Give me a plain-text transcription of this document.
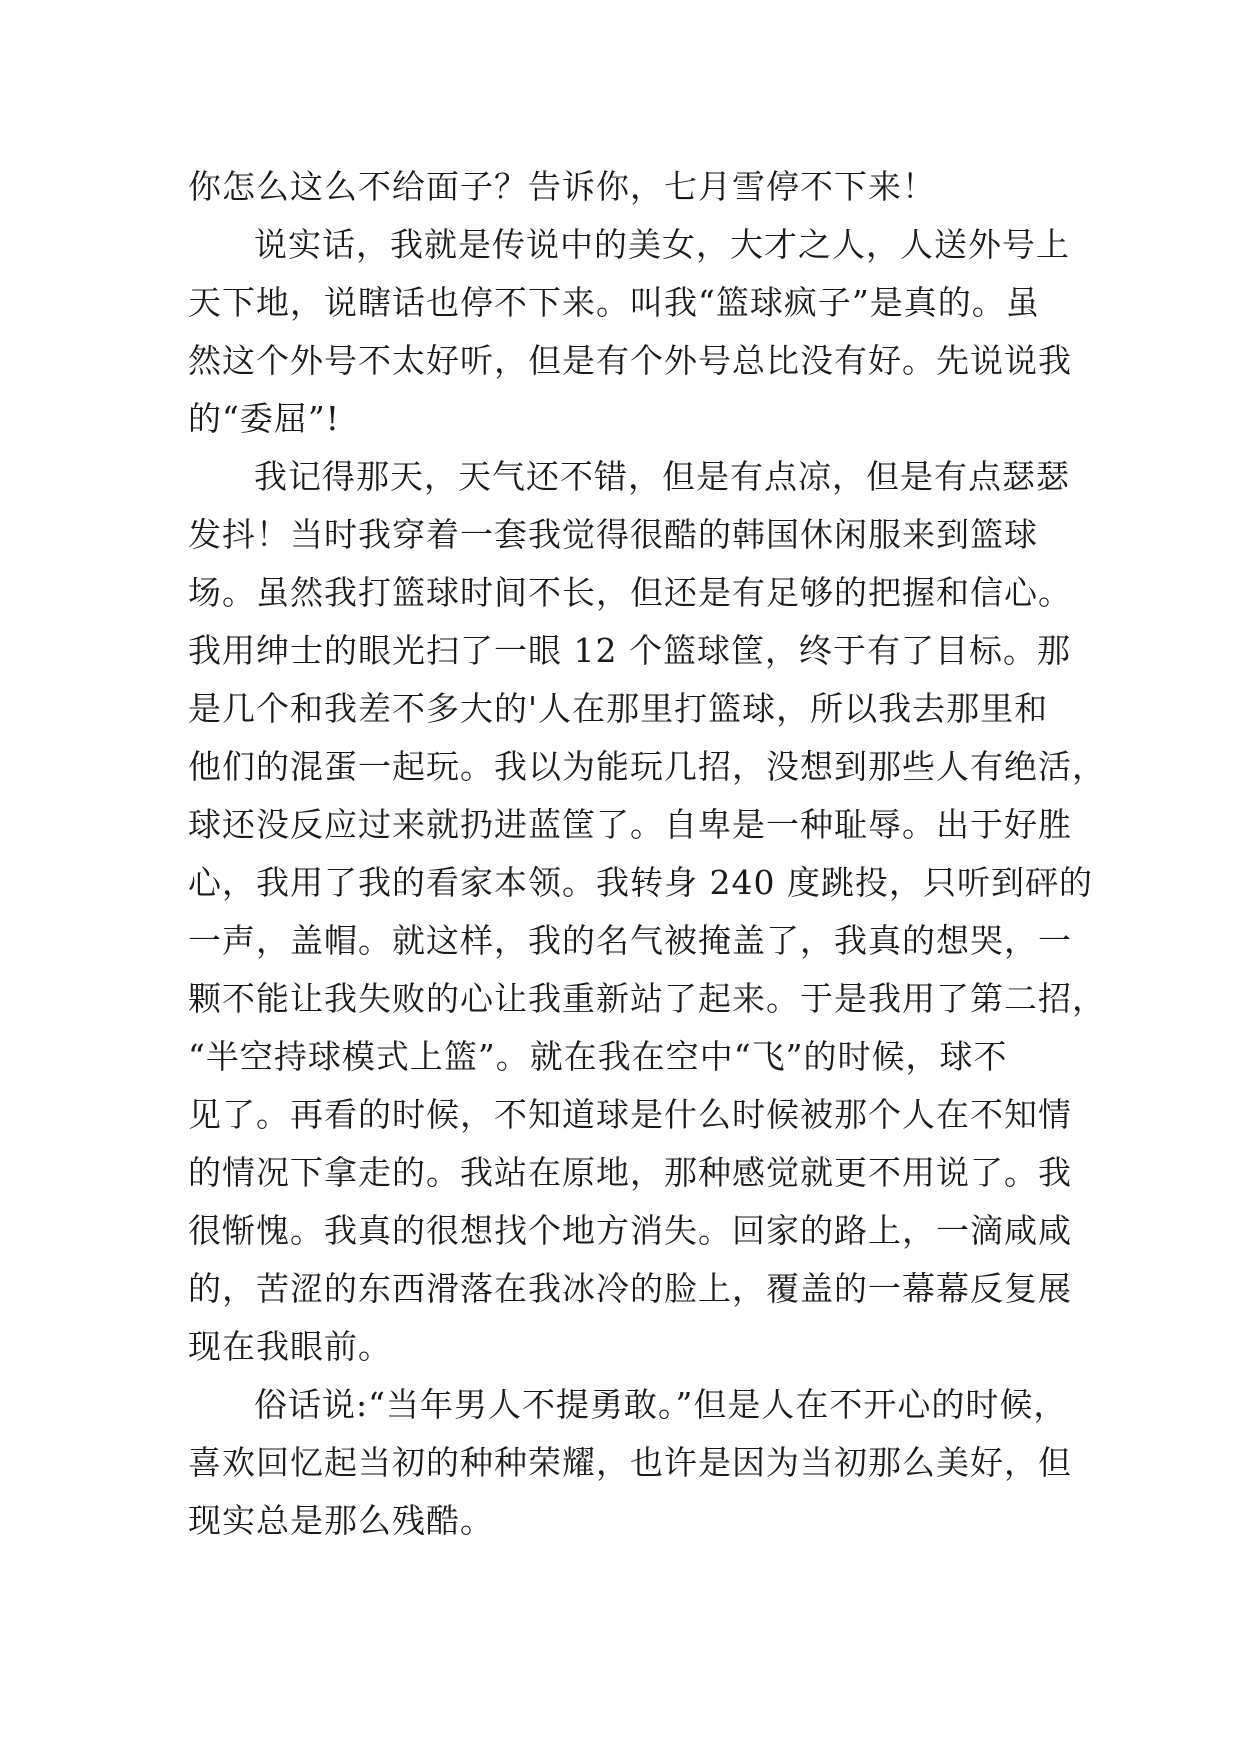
你怎么这么不给面子？告诉你，七月雪停不下来！
说实话，我就是传说中的美女，大才之人，人送外号上
天下地，说瞎话也停不下来。叫我“篮球疯子”是真的。虽
然这个外号不太好听，但是有个外号总比没有好。先说说我
的“委屈”!
我记得那天，天气还不错，但是有点凉，但是有点瑟瑟
发抖！当时我穿着一套我觉得很酷的韩国休闲服来到篮球
场。虽然我打篮球时间不长，但还是有足够的把握和信心。
我用绅士的眼光扫了一眼 12 个篮球筐，终于有了目标。那
是几个和我差不多大的'人在那里打篮球，所以我去那里和
他们的混蛋一起玩。我以为能玩几招，没想到那些人有绝活，
球还没反应过来就扔进蓝筐了。自卑是一种耻辱。出于好胜
心，我用了我的看家本领。我转身 240 度跳投，只听到砰的
一声，盖帽。就这样，我的名气被掩盖了，我真的想哭，一
颗不能让我失败的心让我重新站了起来。于是我用了第二招，
“半空持球模式上篮”。就在我在空中“飞”的时候，球不
见了。再看的时候，不知道球是什么时候被那个人在不知情
的情况下拿走的。我站在原地，那种感觉就更不用说了。我
很惭愧。我真的很想找个地方消失。回家的路上，一滴咸咸
的，苦涩的东西滑落在我冰冷的脸上，覆盖的一幕幕反复展
现在我眼前。
俗话说:“当年男人不提勇敢。”但是人在不开心的时候，
喜欢回忆起当初的种种荣耀，也许是因为当初那么美好，但
现实总是那么残酷。
